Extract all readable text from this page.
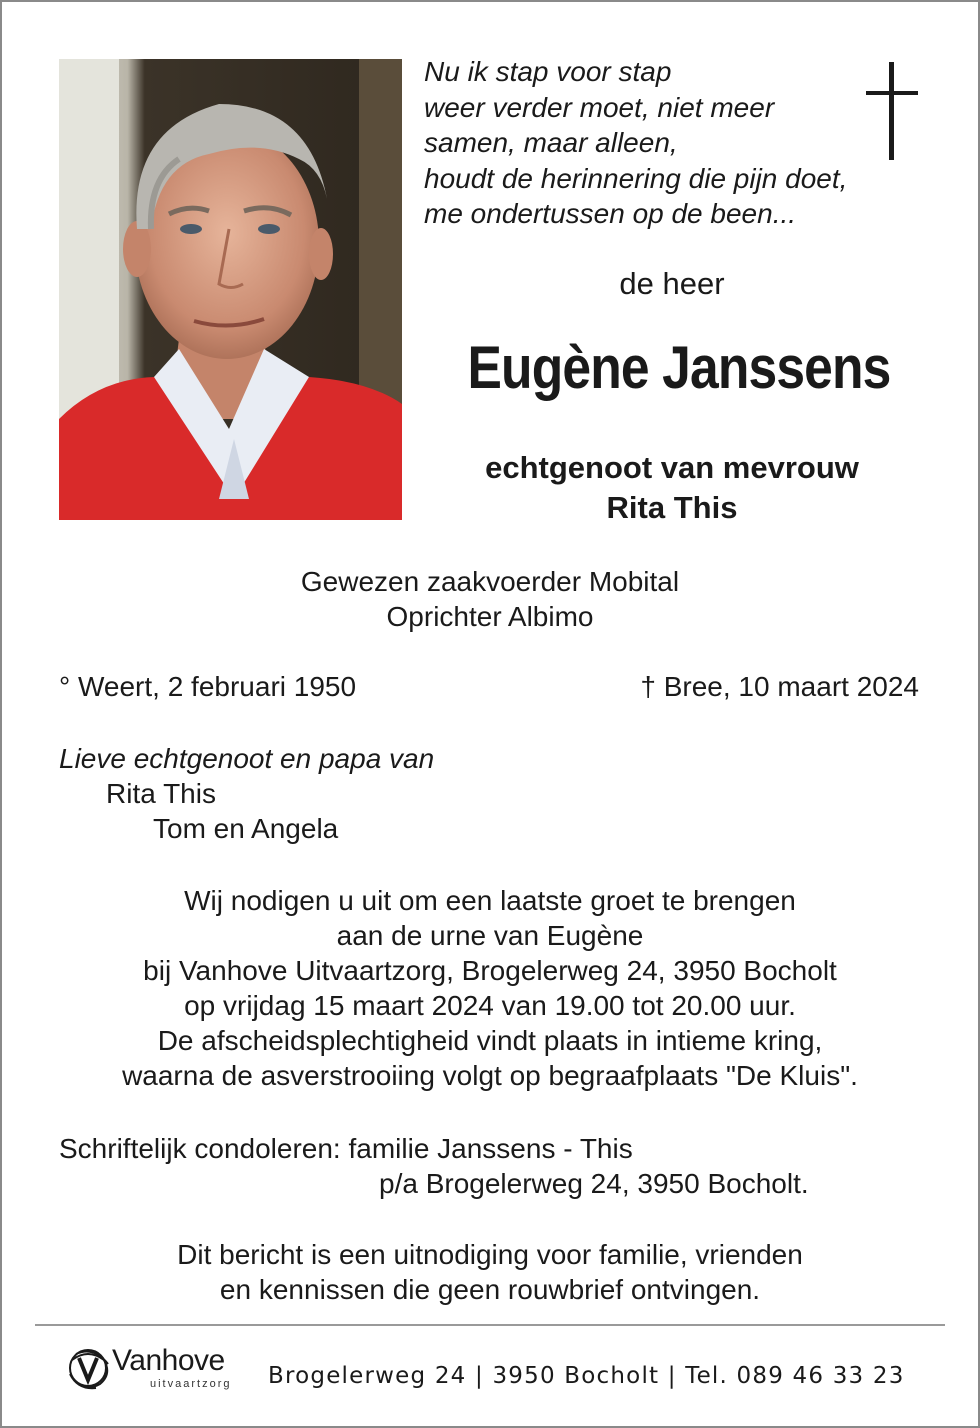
Nu ik stap voor stap
weer verder moet, niet meer
samen, maar alleen,
houdt de herinnering die pijn doet,
me ondertussen op de been...
de heer
Eugène Janssens
echtgenoot van mevrouw
Rita This
Gewezen zaakvoerder Mobital
Oprichter Albimo
° Weert, 2 februari 1950	† Bree, 10 maart 2024
Lieve echtgenoot en papa van
Rita This
Tom en Angela
Wij nodigen u uit om een laatste groet te brengen
aan de urne van Eugène
bij Vanhove Uitvaartzorg, Brogelerweg 24, 3950 Bocholt
op vrijdag 15 maart 2024 van 19.00 tot 20.00 uur.
De afscheidsplechtigheid vindt plaats in intieme kring,
waarna de asverstrooiing volgt op begraafplaats "De Kluis".
Schriftelijk condoleren: familie Janssens - This
p/a Brogelerweg 24, 3950 Bocholt.
Dit bericht is een uitnodiging voor familie, vrienden
en kennissen die geen rouwbrief ontvingen.
Vanhove
uitvaartzorg Brogelerweg 24 | 3950 Bocholt | Tel. 089 46 33 23
